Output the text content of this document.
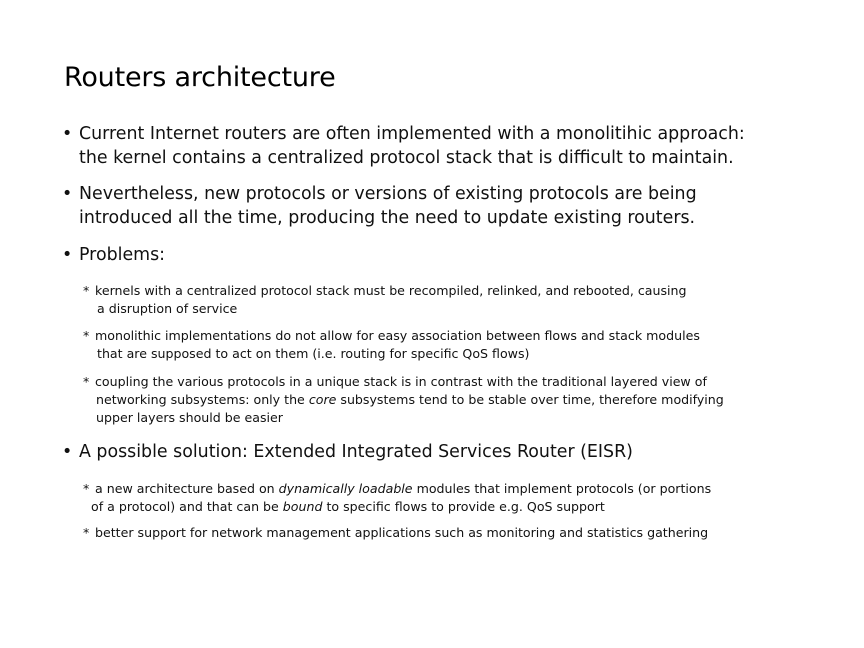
Routers architecture
• Current Internet routers are often implemented with a monolitihic approach:
the kernel contains a centralized protocol stack that is difficult to maintain.
• Nevertheless, new protocols or versions of existing protocols are being
introduced all the time, producing the need to update existing routers.
• Problems:
* kernels with a centralized protocol stack must be recompiled, relinked, and rebooted, causing
a disruption of service
* monolithic implementations do not allow for easy association between flows and stack modules
that are supposed to act on them (i.e. routing for specific QoS flows)
* coupling the various protocols in a unique stack is in contrast with the traditional layered view of
networking subsystems: only the core subsystems tend to be stable over time, therefore modifying
upper layers should be easier
• A possible solution: Extended Integrated Services Router (EISR)
* a new architecture based on dynamically loadable modules that implement protocols (or portions
of a protocol) and that can be bound to specific flows to provide e.g. QoS support
* better support for network management applications such as monitoring and statistics gathering
